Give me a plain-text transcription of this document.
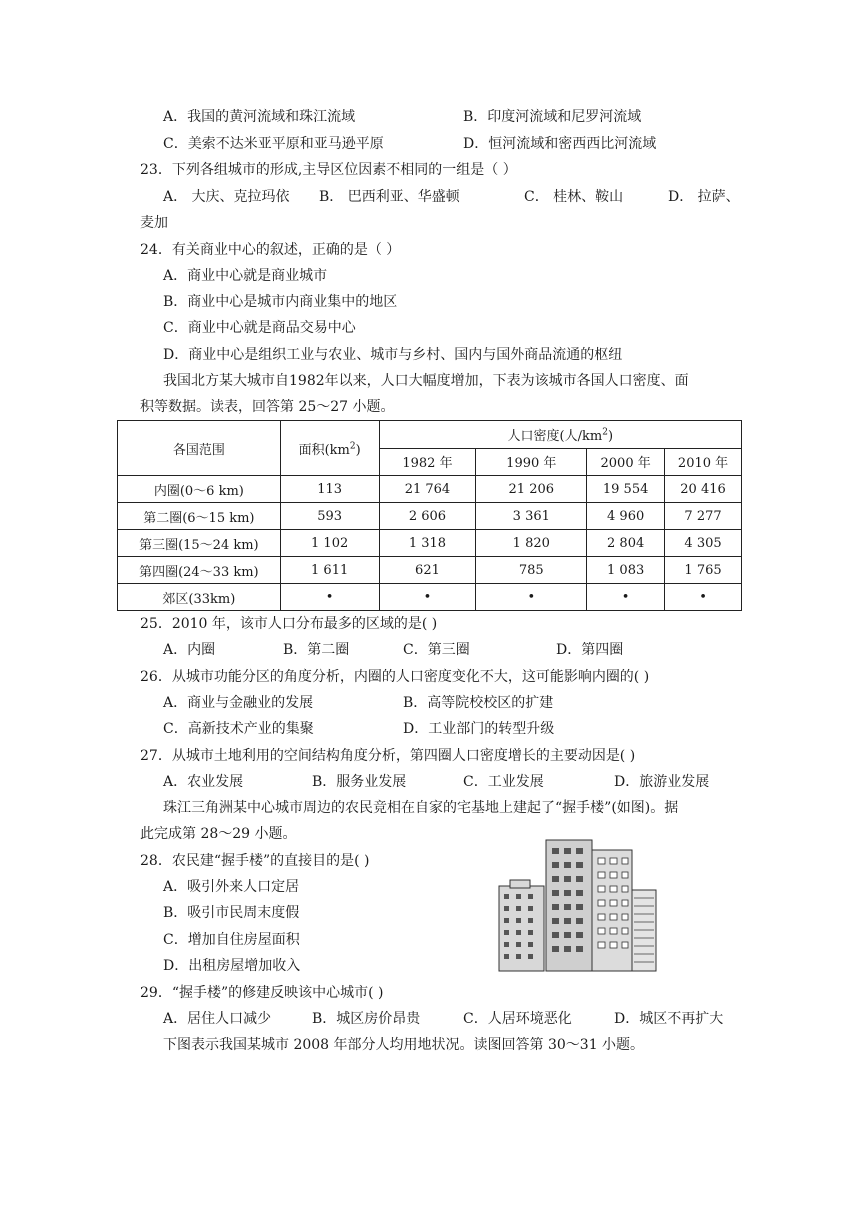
A．我国的黄河流域和珠江流域	B．印度河流域和尼罗河流域
C．美索不达米亚平原和亚马逊平原	D．恒河流域和密西西比河流域
23．下列各组城市的形成,主导区位因素不相同的一组是（ ）
A． 大庆、克拉玛依 B． 巴西利亚、华盛顿	C． 桂林、鞍山	D． 拉萨、
麦加
24．有关商业中心的叙述，正确的是（ ）
A．商业中心就是商业城市
B．商业中心是城市内商业集中的地区
C．商业中心就是商品交易中心
D．商业中心是组织工业与农业、城市与乡村、国内与国外商品流通的枢纽
我国北方某大城市自1982年以来，人口大幅度增加，下表为该城市各国人口密度、面
积等数据。读表，回答第 25～27 小题。
各国范围	面积$(km^2)$	人口密度(人$/km^2$)			
		1982 年	1990 年	2000 年	2010 年
内圈(0～6 km)	113	21 764	21 206	19 554	20 416
第二圈(6～15 km)	593	2 606	3 361	4 960	7 277
第三圈(15～24 km)	1 102	1 318	1 820	2 804	4 305
第四圈(24～33 km)	1 611	621	785	1 083	1 765
郊区(33km)	•	•	•	•	•
25．2010 年，该市人口分布最多的区域的是( )
A．内圈	B．第二圈	C．第三圈	D．第四圈
26．从城市功能分区的角度分析，内圈的人口密度变化不大，这可能影响内圈的( )
A．商业与金融业的发展	B．高等院校校区的扩建
C．高新技术产业的集聚	D．工业部门的转型升级
27．从城市土地利用的空间结构角度分析，第四圈人口密度增长的主要动因是( )
A．农业发展	B．服务业发展	C．工业发展	D．旅游业发展
珠江三角洲某中心城市周边的农民竞相在自家的宅基地上建起了“握手楼”(如图)。据
此完成第 28～29 小题。
28．农民建“握手楼”的直接目的是( )
A．吸引外来人口定居
B．吸引市民周末度假
C．增加自住房屋面积
D．出租房屋增加收入
29．“握手楼”的修建反映该中心城市( )
A．居住人口减少	B．城区房价昂贵	C．人居环境恶化	D．城区不再扩大
下图表示我国某城市 2008 年部分人均用地状况。读图回答第 30～31 小题。
